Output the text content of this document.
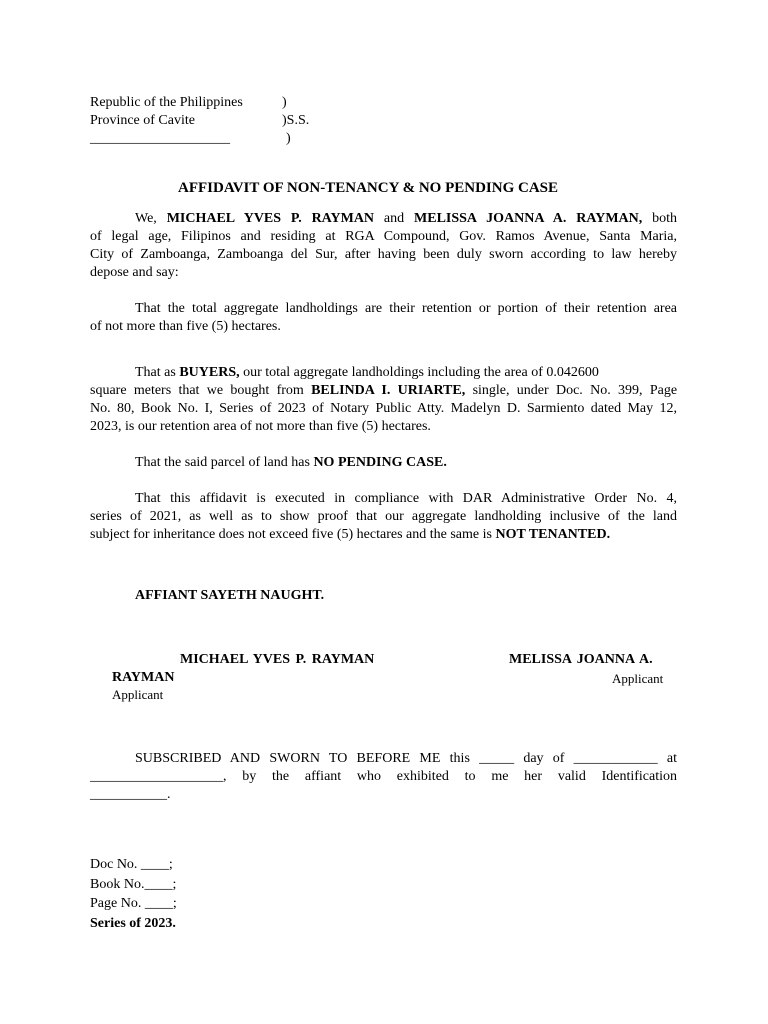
Republic of the Philippines
Province of Cavite
____________________
)
)S.S.
)
AFFIDAVIT OF NON-TENANCY & NO PENDING CASE
We, MICHAEL YVES P. RAYMAN and MELISSA JOANNA A. RAYMAN, both
of legal age, Filipinos and residing at RGA Compound, Gov. Ramos Avenue, Santa Maria,
City of Zamboanga, Zamboanga del Sur, after having been duly sworn according to law hereby
depose and say:
That the total aggregate landholdings are their retention or portion of their retention area
of not more than five (5) hectares.
That as BUYERS, our total aggregate landholdings including the area of 0.042600
square meters that we bought from BELINDA I. URIARTE, single, under Doc. No. 399, Page
No. 80, Book No. I, Series of 2023 of Notary Public Atty. Madelyn D. Sarmiento dated May 12,
2023, is our retention area of not more than five (5) hectares.
That the said parcel of land has NO PENDING CASE.
That this affidavit is executed in compliance with DAR Administrative Order No. 4,
series of 2021, as well as to show proof that our aggregate landholding inclusive of the land
subject for inheritance does not exceed five (5) hectares and the same is NOT TENANTED.
AFFIANT SAYETH NAUGHT.
MICHAEL YVES P. RAYMAN	MELISSA JOANNA A.
RAYMAN
Applicant
Applicant
SUBSCRIBED AND SWORN TO BEFORE ME this _____ day of ____________ at
___________________, by the affiant who exhibited to me her valid Identification
___________.
Doc No. ____;
Book No.____;
Page No. ____;
Series of 2023.
